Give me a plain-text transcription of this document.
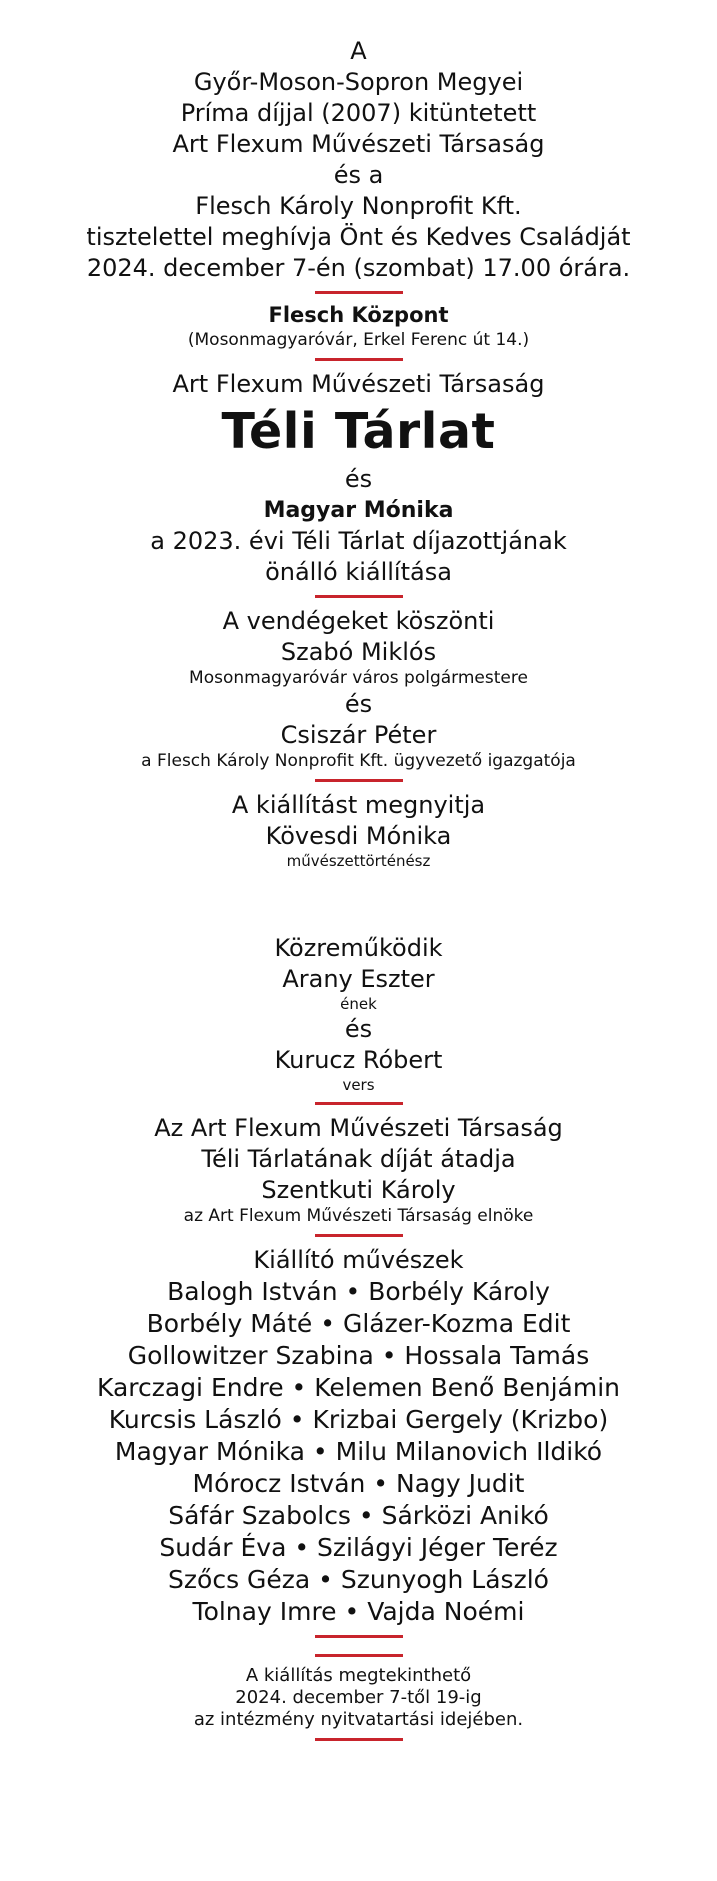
A
Győr-Moson-Sopron Megyei
Príma díjjal (2007) kitüntetett
Art Flexum Művészeti Társaság
és a
Flesch Károly Nonprofit Kft.
tisztelettel meghívja Önt és Kedves Családját
2024. december 7-én (szombat) 17.00 órára.
Flesch Központ
(Mosonmagyaróvár, Erkel Ferenc út 14.)
Art Flexum Művészeti Társaság
Téli Tárlat
és
Magyar Mónika
a 2023. évi Téli Tárlat díjazottjának
önálló kiállítása
A vendégeket köszönti
Szabó Miklós
Mosonmagyaróvár város polgármestere
és
Csiszár Péter
a Flesch Károly Nonprofit Kft. ügyvezető igazgatója
A kiállítást megnyitja
Kövesdi Mónika
művészettörténész
Közreműködik
Arany Eszter
ének
és
Kurucz Róbert
vers
Az Art Flexum Művészeti Társaság
Téli Tárlatának díját átadja
Szentkuti Károly
az Art Flexum Művészeti Társaság elnöke
Kiállító művészek
Balogh István • Borbély Károly
Borbély Máté • Glázer-Kozma Edit
Gollowitzer Szabina • Hossala Tamás
Karczagi Endre • Kelemen Benő Benjámin
Kurcsis László • Krizbai Gergely (Krizbo)
Magyar Mónika • Milu Milanovich Ildikó
Mórocz István • Nagy Judit
Sáfár Szabolcs • Sárközi Anikó
Sudár Éva • Szilágyi Jéger Teréz
Szőcs Géza • Szunyogh László
Tolnay Imre • Vajda Noémi
A kiállítás megtekinthető
2024. december 7-től 19-ig
az intézmény nyitvatartási idejében.
